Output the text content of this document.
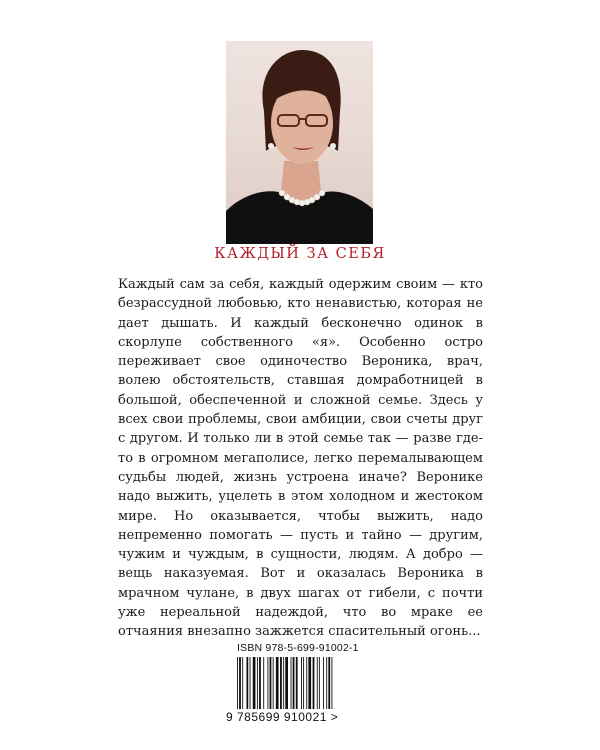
КАЖДЫЙ ЗА СЕБЯ
Каждый сам за себя, каждый одержим своим — кто безрассудной любовью, кто ненавистью, которая не дает дышать. И каждый бесконечно одинок в скорлупе собственного «я». Особенно остро переживает свое одиночество Вероника, врач, волею обстоятельств, ставшая домработницей в большой, обеспеченной и сложной семье. Здесь у всех свои проблемы, свои амбиции, свои счеты друг с другом. И только ли в этой семье так — разве где-то в огромном мегаполисе, легко перемалывающем судьбы людей, жизнь устроена иначе? Веронике надо выжить, уцелеть в этом холодном и жестоком мире. Но оказывается, чтобы выжить, надо непременно помогать — пусть и тайно — другим, чужим и чуждым, в сущности, людям. А добро — вещь наказуемая. Вот и оказалась Вероника в мрачном чулане, в двух шагах от гибели, с почти уже нереальной надеждой, что во мраке ее отчаяния внезапно зажжется спасительный огонь...
ISBN 978-5-699-91002-1
9 785699 910021 >
